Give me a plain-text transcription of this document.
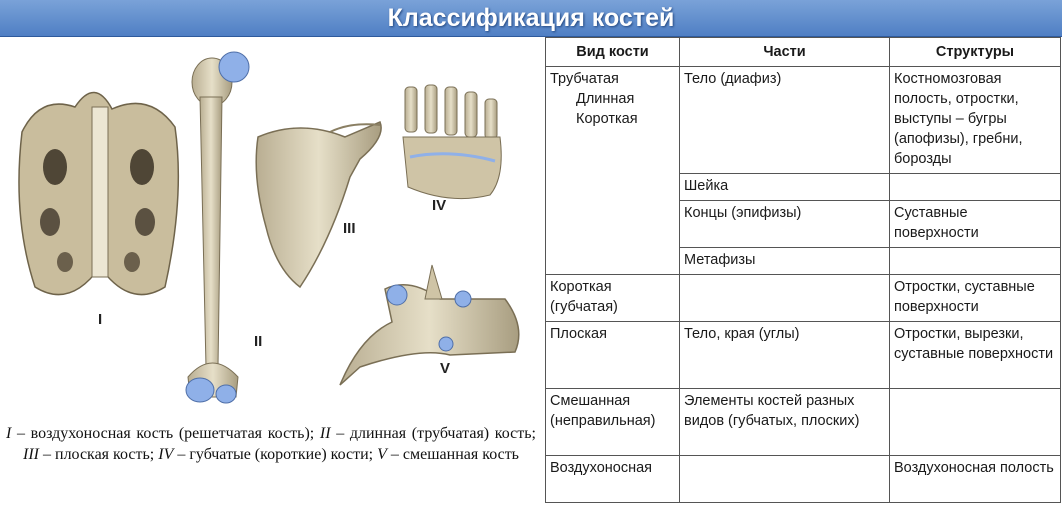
Классификация костей
I
II
III
IV
V
I – воздухоносная кость (решетчатая кость); II – длинная (трубчатая) кость; III – плоская кость; IV – губчатые (короткие) кости; V – смешанная кость
Вид кости	Части	Структуры
Трубчатая
Длинная
Короткая	Тело (диафиз)	Костномозговая полость, отростки, выступы – бугры (апофизы), гребни, борозды
	Шейка	
	Концы (эпифизы)	Суставные поверхности
	Метафизы	
Короткая (губчатая)		Отростки, суставные поверхности
Плоская	Тело, края (углы)	Отростки, вырезки, суставные поверхности
Смешанная (неправильная)	Элементы костей разных видов (губчатых, плоских)	
Воздухоносная		Воздухоносная полость
